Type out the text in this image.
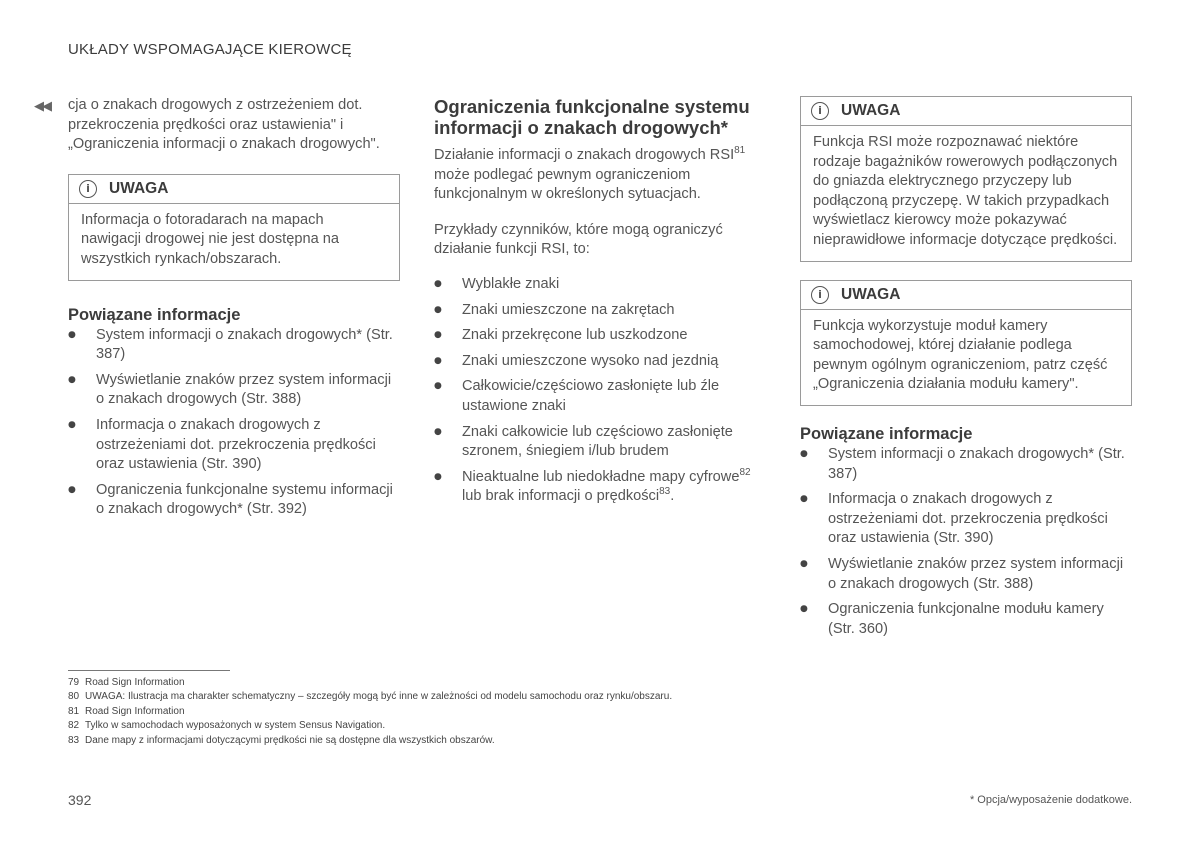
UKŁADY WSPOMAGAJĄCE KIEROWCĘ
◀◀ cja o znakach drogowych z ostrzeżeniem dot. przekroczenia prędkości oraz ustawienia" i „Ograniczenia informacji o znakach drogowych".

i	UWAGA
Informacja o fotoradarach na mapach nawigacji drogowej nie jest dostępna na wszystkich rynkach/obszarach.
Powiązane informacje
● System informacji o znakach drogowych* (Str. 387)
● Wyświetlanie znaków przez system informacji o znakach drogowych (Str. 388)
● Informacja o znakach drogowych z ostrzeżeniami dot. przekroczenia prędkości oraz ustawienia (Str. 390)
● Ograniczenia funkcjonalne systemu informacji o znakach drogowych* (Str. 392)
Ograniczenia funkcjonalne systemu informacji o znakach drogowych*

Działanie informacji o znakach drogowych RSI$^{81}$ może podlegać pewnym ograniczeniom funkcjonalnym w określonych sytuacjach.

Przykłady czynników, które mogą ograniczyć działanie funkcji RSI, to:

● Wyblakłe znaki
● Znaki umieszczone na zakrętach
● Znaki przekręcone lub uszkodzone
● Znaki umieszczone wysoko nad jezdnią
● Całkowicie/częściowo zasłonięte lub źle ustawione znaki
● Znaki całkowicie lub częściowo zasłonięte szronem, śniegiem i/lub brudem
● Nieaktualne lub niedokładne mapy cyfrowe$^{82}$ lub brak informacji o prędkości$^{83}$.
i	UWAGA
Funkcja RSI może rozpoznawać niektóre rodzaje bagażników rowerowych podłączonych do gniazda elektrycznego przyczepy lub podłączoną przyczepę. W takich przypadkach wyświetlacz kierowcy może pokazywać nieprawidłowe informacje dotyczące prędkości.
i	UWAGA
Funkcja wykorzystuje moduł kamery samochodowej, której działanie podlega pewnym ogólnym ograniczeniom, patrz część „Ograniczenia działania modułu kamery".
Powiązane informacje
● System informacji o znakach drogowych* (Str. 387)
● Informacja o znakach drogowych z ostrzeżeniami dot. przekroczenia prędkości oraz ustawienia (Str. 390)
● Wyświetlanie znaków przez system informacji o znakach drogowych (Str. 388)
● Ograniczenia funkcjonalne modułu kamery (Str. 360)
79 Road Sign Information
80 UWAGA: Ilustracja ma charakter schematyczny – szczegóły mogą być inne w zależności od modelu samochodu oraz rynku/obszaru.
81 Road Sign Information
82 Tylko w samochodach wyposażonych w system Sensus Navigation.
83 Dane mapy z informacjami dotyczącymi prędkości nie są dostępne dla wszystkich obszarów.
392	* Opcja/wyposażenie dodatkowe.
